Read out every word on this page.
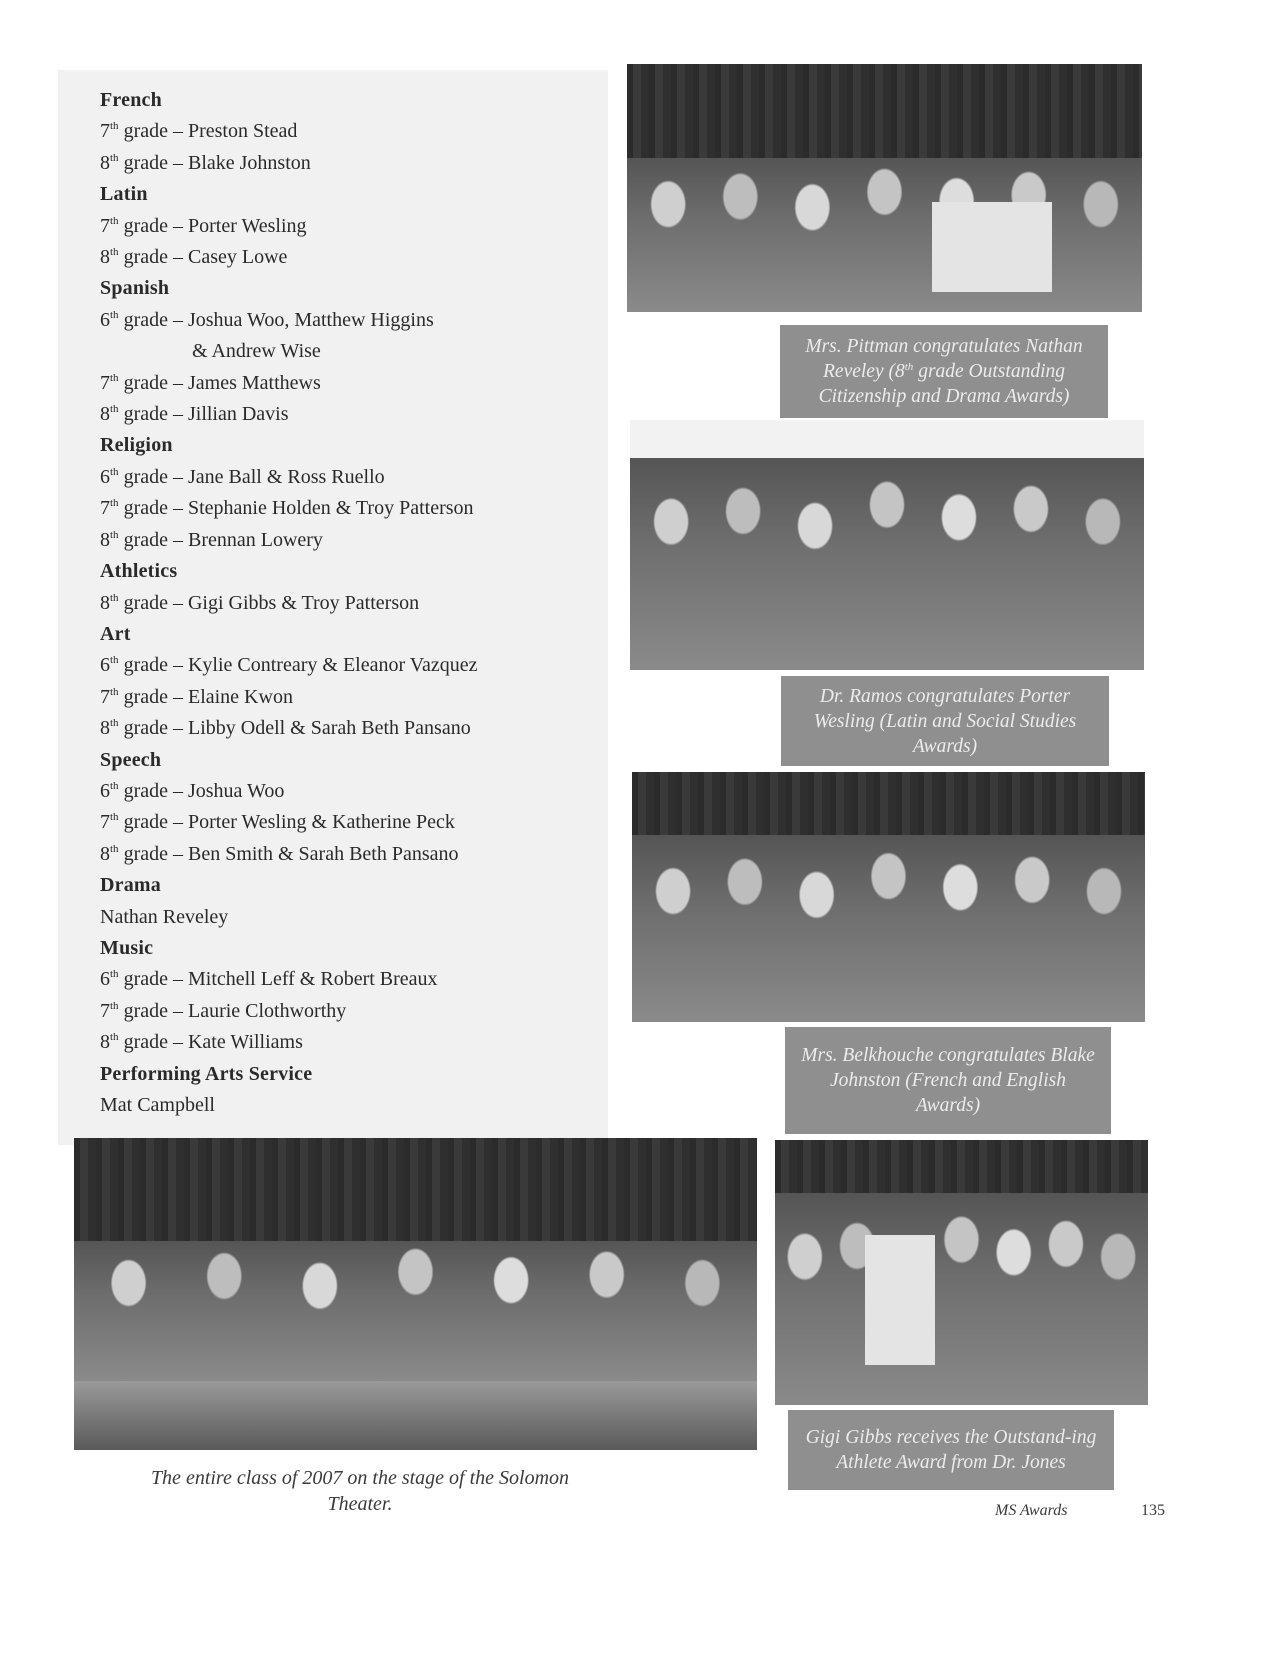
French
7th grade – Preston Stead
8th grade – Blake Johnston
Latin
7th grade – Porter Wesling
8th grade – Casey Lowe
Spanish
6th grade – Joshua Woo, Matthew Higgins
& Andrew Wise
7th grade – James Matthews
8th grade – Jillian Davis
Religion
6th grade – Jane Ball & Ross Ruello
7th grade – Stephanie Holden & Troy Patterson
8th grade – Brennan Lowery
Athletics
8th grade – Gigi Gibbs & Troy Patterson
Art
6th grade – Kylie Contreary & Eleanor Vazquez
7th grade – Elaine Kwon
8th grade – Libby Odell & Sarah Beth Pansano
Speech
6th grade – Joshua Woo
7th grade – Porter Wesling & Katherine Peck
8th grade – Ben Smith & Sarah Beth Pansano
Drama
Nathan Reveley
Music
6th grade – Mitchell Leff & Robert Breaux
7th grade – Laurie Clothworthy
8th grade – Kate Williams
Performing Arts Service
Mat Campbell
Mrs. Pittman congratulates Nathan Reveley (8th grade Outstanding Citizenship and Drama Awards)
Dr. Ramos congratulates Porter Wesling (Latin and Social Studies Awards)
Mrs. Belkhouche congratulates Blake Johnston (French and English Awards)
The entire class of 2007 on the stage of the Solomon Theater.
Gigi Gibbs receives the Outstand-ing Athlete Award from Dr. Jones
MS Awards	135
